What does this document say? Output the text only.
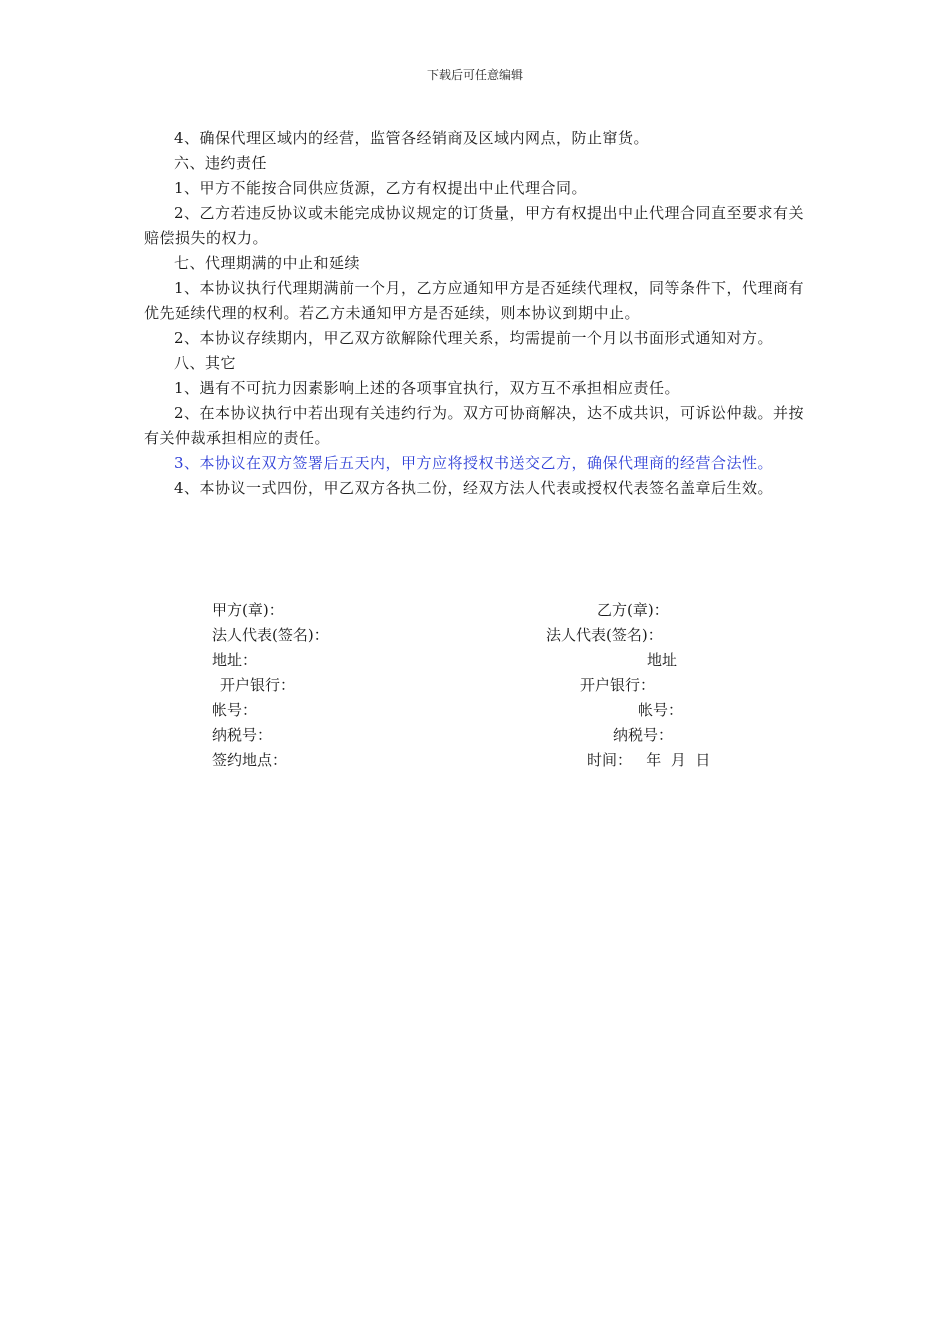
下载后可任意编辑

4、确保代理区域内的经营，监管各经销商及区域内网点，防止窜货。

六、违约责任

1、甲方不能按合同供应货源，乙方有权提出中止代理合同。

2、乙方若违反协议或未能完成协议规定的订货量，甲方有权提出中止代理合同直至要求有关赔偿损失的权力。

七、代理期满的中止和延续

1、本协议执行代理期满前一个月，乙方应通知甲方是否延续代理权，同等条件下，代理商有优先延续代理的权利。若乙方未通知甲方是否延续，则本协议到期中止。

2、本协议存续期内，甲乙双方欲解除代理关系，均需提前一个月以书面形式通知对方。

八、其它

1、遇有不可抗力因素影响上述的各项事宜执行，双方互不承担相应责任。

2、在本协议执行中若出现有关违约行为。双方可协商解决，达不成共识，可诉讼仲裁。并按有关仲裁承担相应的责任。

3、本协议在双方签署后五天内，甲方应将授权书送交乙方，确保代理商的经营合法性。

4、本协议一式四份，甲乙双方各执二份，经双方法人代表或授权代表签名盖章后生效。

甲方(章)：
法人代表(签名)：
地址：
开户银行：
帐号：
纳税号：
签约地点：
乙方(章)：
法人代表(签名)：
地址
开户银行：
帐号：
纳税号：
时间：   年  月  日
